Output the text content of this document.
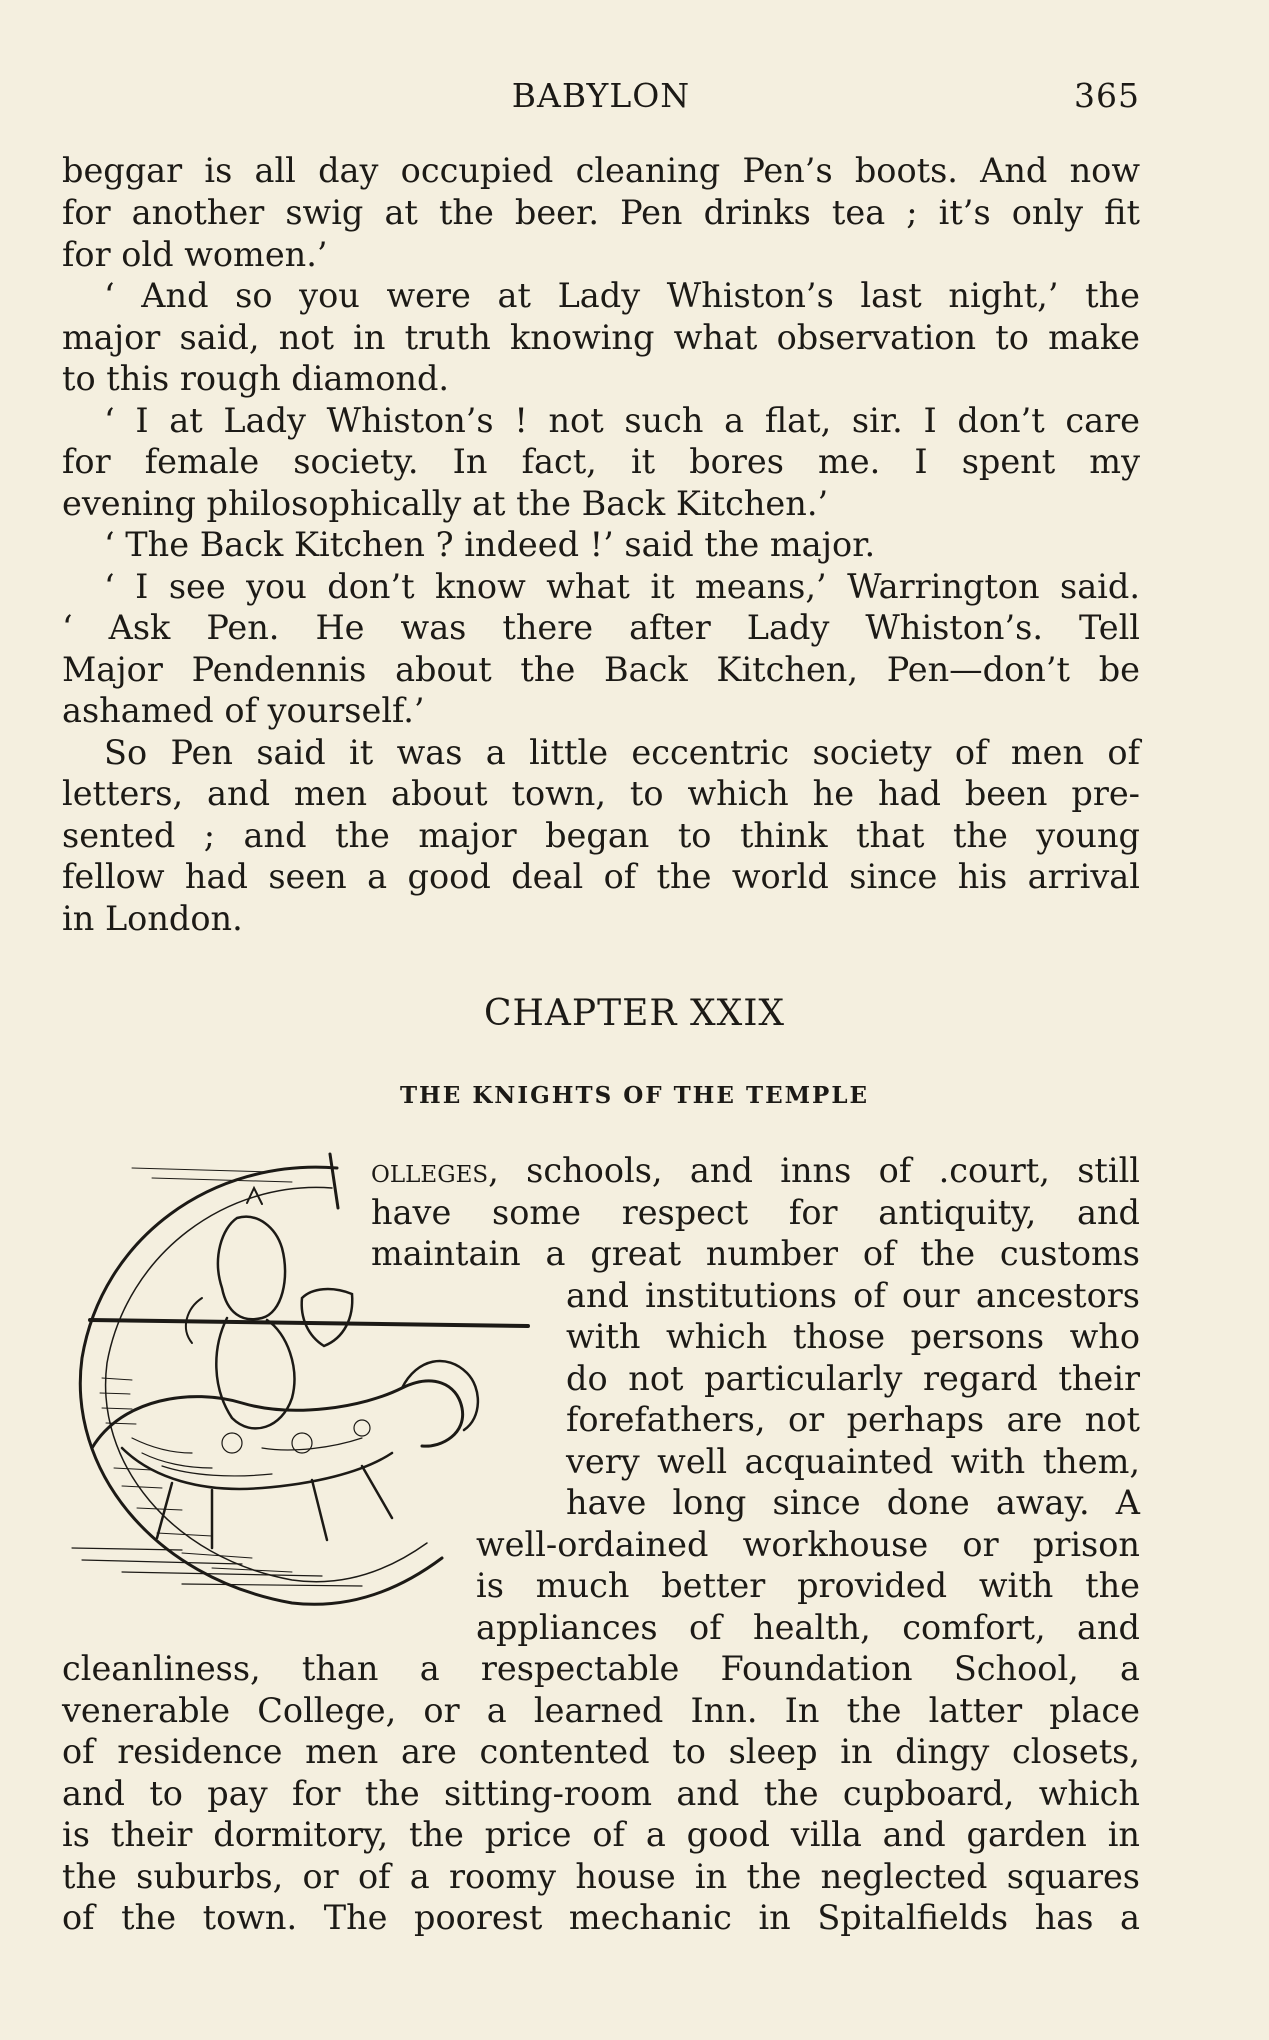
BABYLON	365
beggar is all day occupied cleaning Pen’s boots. And now
for another swig at the beer. Pen drinks tea ; it’s only fit
for old women.’
‘ And so you were at Lady Whiston’s last night,’ the
major said, not in truth knowing what observation to make
to this rough diamond.
‘ I at Lady Whiston’s ! not such a flat, sir. I don’t care
for female society. In fact, it bores me. I spent my
evening philosophically at the Back Kitchen.’
‘ The Back Kitchen ? indeed !’ said the major.
‘ I see you don’t know what it means,’ Warrington said.
‘ Ask Pen. He was there after Lady Whiston’s. Tell
Major Pendennis about the Back Kitchen, Pen—don’t be
ashamed of yourself.’
So Pen said it was a little eccentric society of men of
letters, and men about town, to which he had been pre-
sented ; and the major began to think that the young
fellow had seen a good deal of the world since his arrival
in London.
CHAPTER XXIX
THE KNIGHTS OF THE TEMPLE
olleges, schools, and inns of .court, still
have some respect for antiquity, and
maintain a great number of the customs
and institutions of our ancestors
with which those persons who
do not particularly regard their
forefathers, or perhaps are not
very well acquainted with them,
have long since done away. A
well-ordained workhouse or prison
is much better provided with the
appliances of health, comfort, and
cleanliness, than a respectable Foundation School, a
venerable College, or a learned Inn. In the latter place
of residence men are contented to sleep in dingy closets,
and to pay for the sitting-room and the cupboard, which
is their dormitory, the price of a good villa and garden in
the suburbs, or of a roomy house in the neglected squares
of the town. The poorest mechanic in Spitalfields has a
